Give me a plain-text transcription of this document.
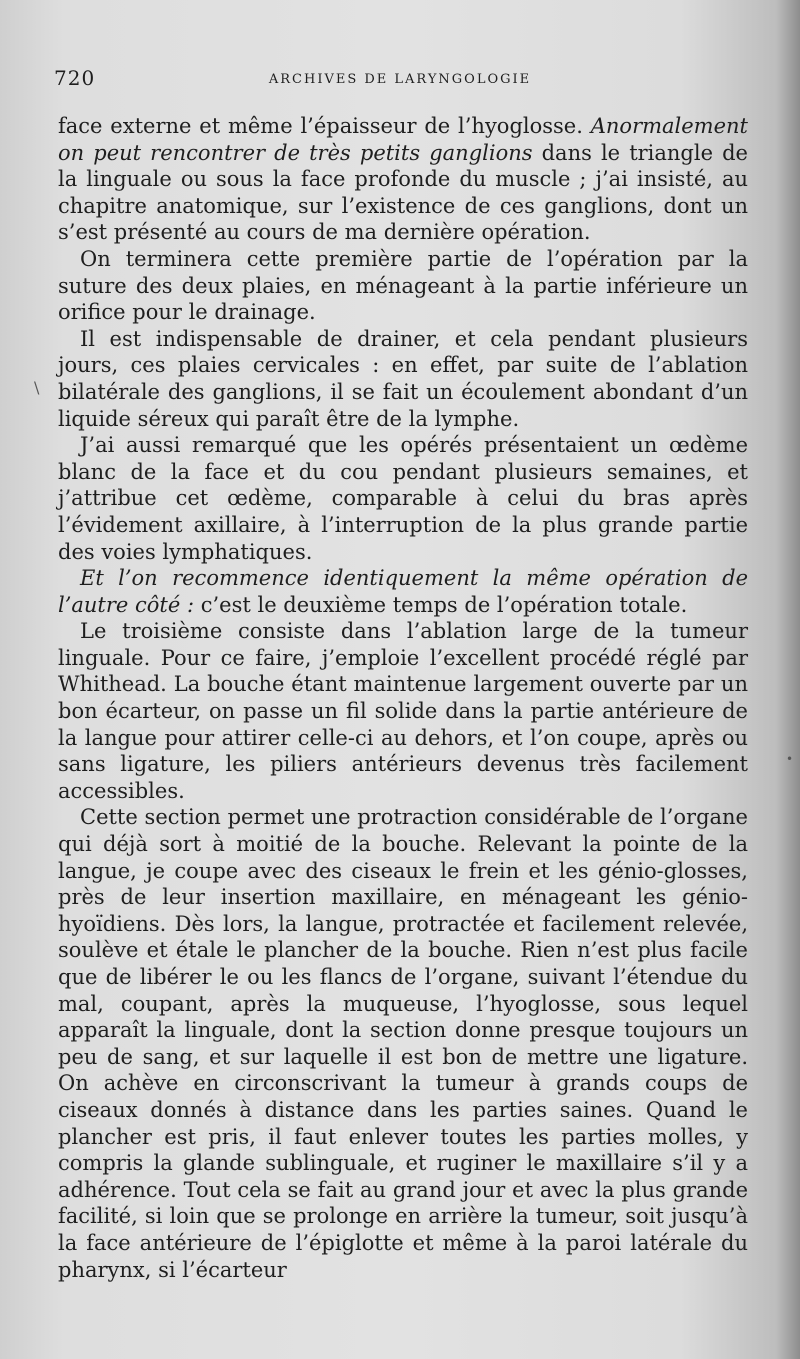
720	ARCHIVES DE LARYNGOLOGIE

face externe et même l’épaisseur de l’hyoglosse. Anormalement on peut rencontrer de très petits ganglions dans le triangle de la linguale ou sous la face profonde du muscle ; j’ai insisté, au chapitre anatomique, sur l’existence de ces ganglions, dont un s’est présenté au cours de ma dernière opération.

On terminera cette première partie de l’opération par la suture des deux plaies, en ménageant à la partie inférieure un orifice pour le drainage.

Il est indispensable de drainer, et cela pendant plusieurs jours, ces plaies cervicales : en effet, par suite de l’ablation bilatérale des ganglions, il se fait un écoulement abondant d’un liquide séreux qui paraît être de la lymphe.

J’ai aussi remarqué que les opérés présentaient un œdème blanc de la face et du cou pendant plusieurs semaines, et j’attribue cet œdème, comparable à celui du bras après l’évidement axillaire, à l’interruption de la plus grande partie des voies lymphatiques.

Et l’on recommence identiquement la même opération de l’autre côté : c’est le deuxième temps de l’opération totale.

Le troisième consiste dans l’ablation large de la tumeur linguale. Pour ce faire, j’emploie l’excellent procédé réglé par Whithead. La bouche étant maintenue largement ouverte par un bon écarteur, on passe un fil solide dans la partie antérieure de la langue pour attirer celle-ci au dehors, et l’on coupe, après ou sans ligature, les piliers antérieurs devenus très facilement accessibles.

Cette section permet une protraction considérable de l’organe qui déjà sort à moitié de la bouche. Relevant la pointe de la langue, je coupe avec des ciseaux le frein et les génio-glosses, près de leur insertion maxillaire, en ménageant les génio-hyoïdiens. Dès lors, la langue, protractée et facilement relevée, soulève et étale le plancher de la bouche. Rien n’est plus facile que de libérer le ou les flancs de l’organe, suivant l’étendue du mal, coupant, après la muqueuse, l’hyoglosse, sous lequel apparaît la linguale, dont la section donne presque toujours un peu de sang, et sur laquelle il est bon de mettre une ligature. On achève en circonscrivant la tumeur à grands coups de ciseaux donnés à distance dans les parties saines. Quand le plancher est pris, il faut enlever toutes les parties molles, y compris la glande sublinguale, et ruginer le maxillaire s’il y a adhérence. Tout cela se fait au grand jour et avec la plus grande facilité, si loin que se prolonge en arrière la tumeur, soit jusqu’à la face antérieure de l’épiglotte et même à la paroi latérale du pharynx, si l’écarteur

\
•
